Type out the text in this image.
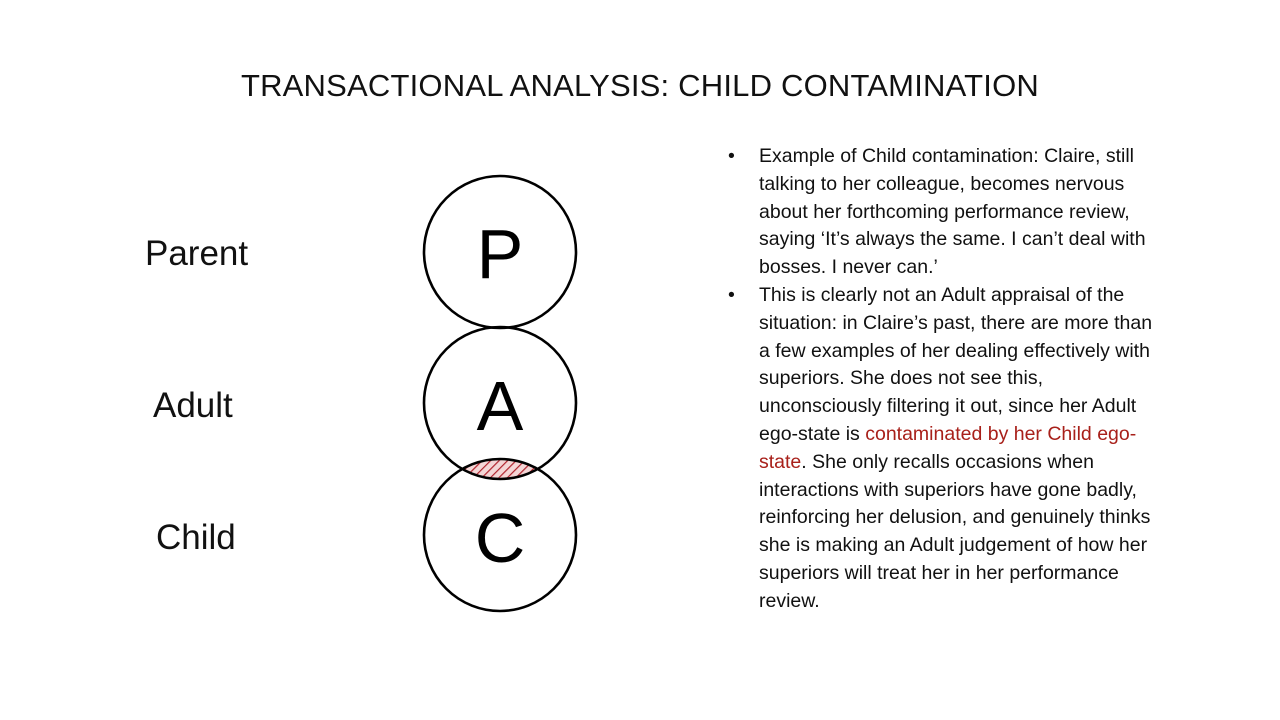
TRANSACTIONAL ANALYSIS: CHILD CONTAMINATION
Parent
Adult
Child
P
A
C
• Example of Child contamination: Claire, still talking to her colleague, becomes nervous about her forthcoming performance review, saying ‘It’s always the same. I can’t deal with bosses. I never can.’
• This is clearly not an Adult appraisal of the situation: in Claire’s past, there are more than a few examples of her dealing effectively with superiors. She does not see this, unconsciously filtering it out, since her Adult ego-state is contaminated by her Child ego-state. She only recalls occasions when interactions with superiors have gone badly, reinforcing her delusion, and genuinely thinks she is making an Adult judgement of how her superiors will treat her in her performance review.
